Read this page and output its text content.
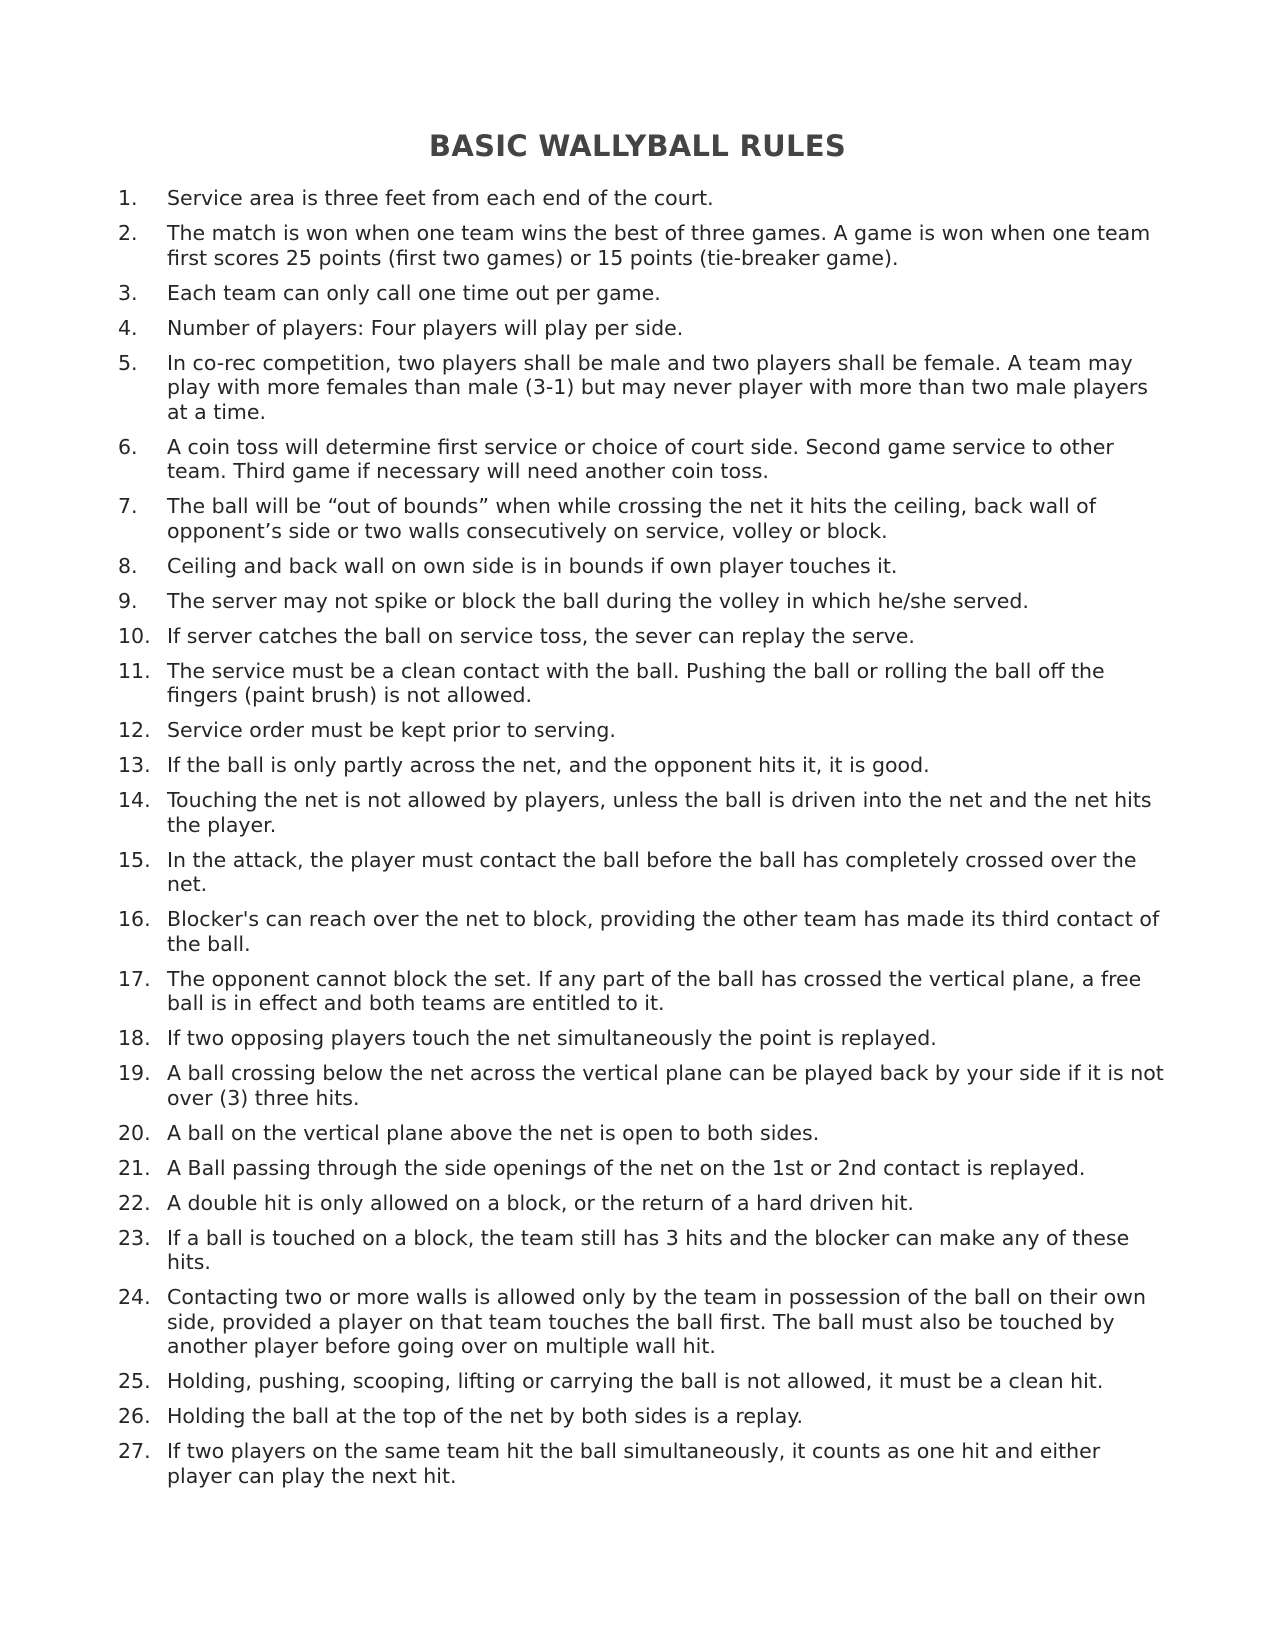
BASIC WALLYBALL RULES
1.	Service area is three feet from each end of the court.
2.	The match is won when one team wins the best of three games. A game is won when one team first scores 25 points (first two games) or 15 points (tie-breaker game).
3.	Each team can only call one time out per game.
4.	Number of players: Four players will play per side.
5.	In co-rec competition, two players shall be male and two players shall be female. A team may play with more females than male (3-1) but may never player with more than two male players at a time.
6.	A coin toss will determine first service or choice of court side. Second game service to other team. Third game if necessary will need another coin toss.
7.	The ball will be “out of bounds” when while crossing the net it hits the ceiling, back wall of opponent’s side or two walls consecutively on service, volley or block.
8.	Ceiling and back wall on own side is in bounds if own player touches it.
9.	The server may not spike or block the ball during the volley in which he/she served.
10. If server catches the ball on service toss, the sever can replay the serve.
11. The service must be a clean contact with the ball. Pushing the ball or rolling the ball off the fingers (paint brush) is not allowed.
12. Service order must be kept prior to serving.
13. If the ball is only partly across the net, and the opponent hits it, it is good.
14. Touching the net is not allowed by players, unless the ball is driven into the net and the net hits the player.
15. In the attack, the player must contact the ball before the ball has completely crossed over the net.
16. Blocker's can reach over the net to block, providing the other team has made its third contact of the ball.
17. The opponent cannot block the set. If any part of the ball has crossed the vertical plane, a free ball is in effect and both teams are entitled to it.
18. If two opposing players touch the net simultaneously the point is replayed.
19. A ball crossing below the net across the vertical plane can be played back by your side if it is not over (3) three hits.
20. A ball on the vertical plane above the net is open to both sides.
21. A Ball passing through the side openings of the net on the 1st or 2nd contact is replayed.
22. A double hit is only allowed on a block, or the return of a hard driven hit.
23. If a ball is touched on a block, the team still has 3 hits and the blocker can make any of these hits.
24. Contacting two or more walls is allowed only by the team in possession of the ball on their own side, provided a player on that team touches the ball first. The ball must also be touched by another player before going over on multiple wall hit.
25. Holding, pushing, scooping, lifting or carrying the ball is not allowed, it must be a clean hit.
26. Holding the ball at the top of the net by both sides is a replay.
27. If two players on the same team hit the ball simultaneously, it counts as one hit and either player can play the next hit.
